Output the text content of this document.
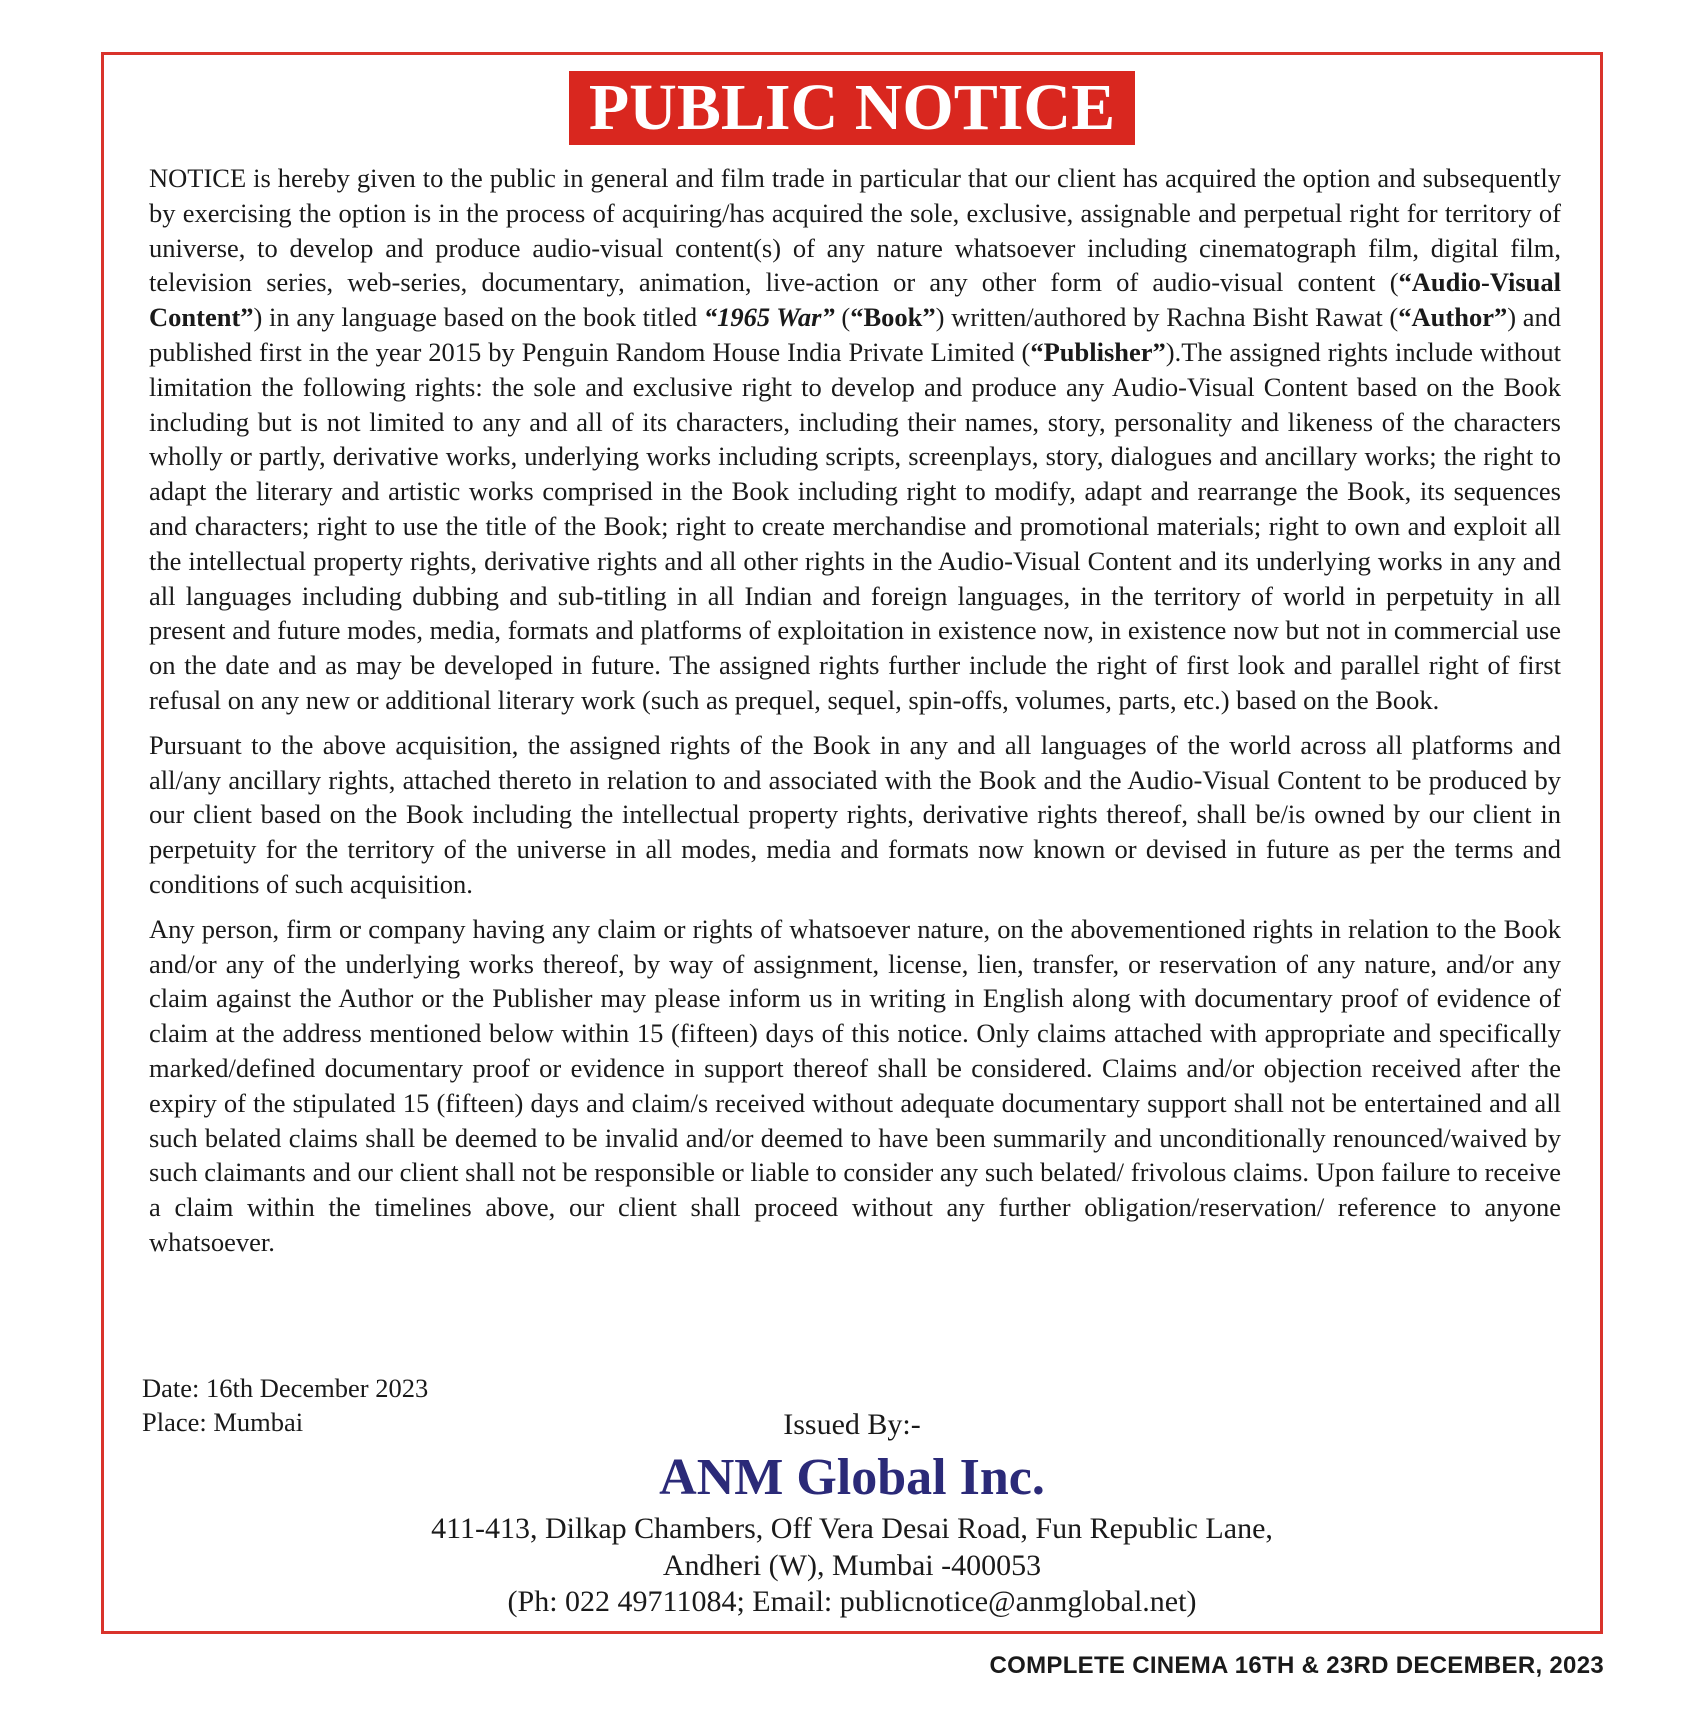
PUBLIC NOTICE

NOTICE is hereby given to the public in general and film trade in particular that our client has acquired the option and subsequently by exercising the option is in the process of acquiring/has acquired the sole, exclusive, assignable and perpetual right for territory of universe, to develop and produce audio-visual content(s) of any nature whatsoever including cinematograph film, digital film, television series, web-series, documentary, animation, live-action or any other form of audio-visual content (“Audio-Visual Content”) in any language based on the book titled “1965 War” (“Book”) written/authored by Rachna Bisht Rawat (“Author”) and published first in the year 2015 by Penguin Random House India Private Limited (“Publisher”).The assigned rights include without limitation the following rights: the sole and exclusive right to develop and produce any Audio-Visual Content based on the Book including but is not limited to any and all of its characters, including their names, story, personality and likeness of the characters wholly or partly, derivative works, underlying works including scripts, screenplays, story, dialogues and ancillary works; the right to adapt the literary and artistic works comprised in the Book including right to modify, adapt and rearrange the Book, its sequences and characters; right to use the title of the Book; right to create merchandise and promotional materials; right to own and exploit all the intellectual property rights, derivative rights and all other rights in the Audio-Visual Content and its underlying works in any and all languages including dubbing and sub-titling in all Indian and foreign languages, in the territory of world in perpetuity in all present and future modes, media, formats and platforms of exploitation in existence now, in existence now but not in commercial use on the date and as may be developed in future. The assigned rights further include the right of first look and parallel right of first refusal on any new or additional literary work (such as prequel, sequel, spin-offs, volumes, parts, etc.) based on the Book.

Pursuant to the above acquisition, the assigned rights of the Book in any and all languages of the world across all platforms and all/any ancillary rights, attached thereto in relation to and associated with the Book and the Audio-Visual Content to be produced by our client based on the Book including the intellectual property rights, derivative rights thereof, shall be/is owned by our client in perpetuity for the territory of the universe in all modes, media and formats now known or devised in future as per the terms and conditions of such acquisition.

Any person, firm or company having any claim or rights of whatsoever nature, on the abovementioned rights in relation to the Book and/or any of the underlying works thereof, by way of assignment, license, lien, transfer, or reservation of any nature, and/or any claim against the Author or the Publisher may please inform us in writing in English along with documentary proof of evidence of claim at the address mentioned below within 15 (fifteen) days of this notice. Only claims attached with appropriate and specifically marked/defined documentary proof or evidence in support thereof shall be considered. Claims and/or objection received after the expiry of the stipulated 15 (fifteen) days and claim/s received without adequate documentary support shall not be entertained and all such belated claims shall be deemed to be invalid and/or deemed to have been summarily and unconditionally renounced/waived by such claimants and our client shall not be responsible or liable to consider any such belated/ frivolous claims. Upon failure to receive a claim within the timelines above, our client shall proceed without any further obligation/reservation/ reference to anyone whatsoever.

Date: 16th December 2023
Place: Mumbai	Issued By:-

ANM Global Inc.

411-413, Dilkap Chambers, Off Vera Desai Road, Fun Republic Lane,

Andheri (W), Mumbai -400053

(Ph: 022 49711084; Email: publicnotice@anmglobal.net)

COMPLETE CINEMA 16TH & 23RD DECEMBER, 2023
